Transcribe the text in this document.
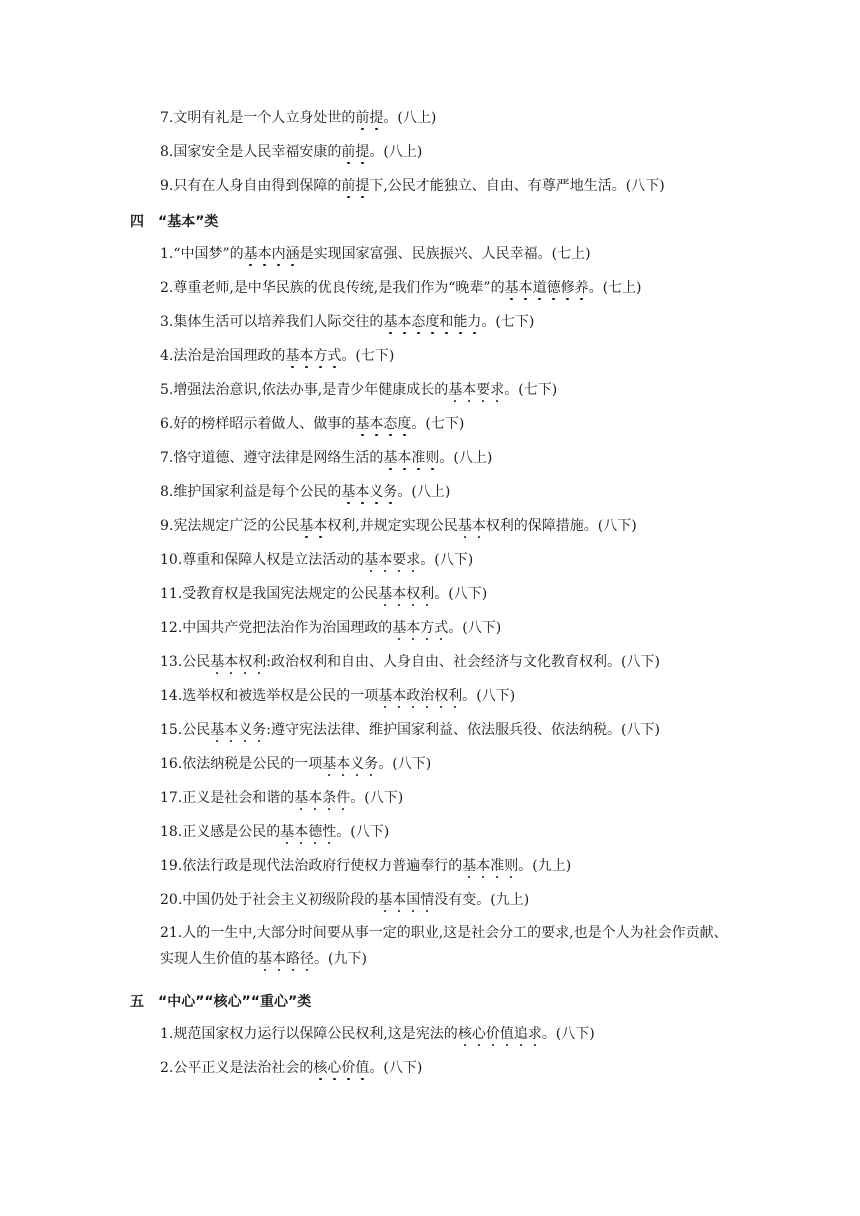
7.文明有礼是一个人立身处世的前提。(八上)
8.国家安全是人民幸福安康的前提。(八上)
9.只有在人身自由得到保障的前提下,公民才能独立、自由、有尊严地生活。(八下)
四 “基本”类
1.“中国梦”的基本内涵是实现国家富强、民族振兴、人民幸福。(七上)
2.尊重老师,是中华民族的优良传统,是我们作为“晚辈”的基本道德修养。(七上)
3.集体生活可以培养我们人际交往的基本态度和能力。(七下)
4.法治是治国理政的基本方式。(七下)
5.增强法治意识,依法办事,是青少年健康成长的基本要求。(七下)
6.好的榜样昭示着做人、做事的基本态度。(七下)
7.恪守道德、遵守法律是网络生活的基本准则。(八上)
8.维护国家利益是每个公民的基本义务。(八上)
9.宪法规定广泛的公民基本权利,并规定实现公民基本权利的保障措施。(八下)
10.尊重和保障人权是立法活动的基本要求。(八下)
11.受教育权是我国宪法规定的公民基本权利。(八下)
12.中国共产党把法治作为治国理政的基本方式。(八下)
13.公民基本权利:政治权利和自由、人身自由、社会经济与文化教育权利。(八下)
14.选举权和被选举权是公民的一项基本政治权利。(八下)
15.公民基本义务:遵守宪法法律、维护国家利益、依法服兵役、依法纳税。(八下)
16.依法纳税是公民的一项基本义务。(八下)
17.正义是社会和谐的基本条件。(八下)
18.正义感是公民的基本德性。(八下)
19.依法行政是现代法治政府行使权力普遍奉行的基本准则。(九上)
20.中国仍处于社会主义初级阶段的基本国情没有变。(九上)
21.人的一生中,大部分时间要从事一定的职业,这是社会分工的要求,也是个人为社会作贡献、实现人生价值的基本路径。(九下)
五 “中心”“核心”“重心”类
1.规范国家权力运行以保障公民权利,这是宪法的核心价值追求。(八下)
2.公平正义是法治社会的核心价值。(八下)
